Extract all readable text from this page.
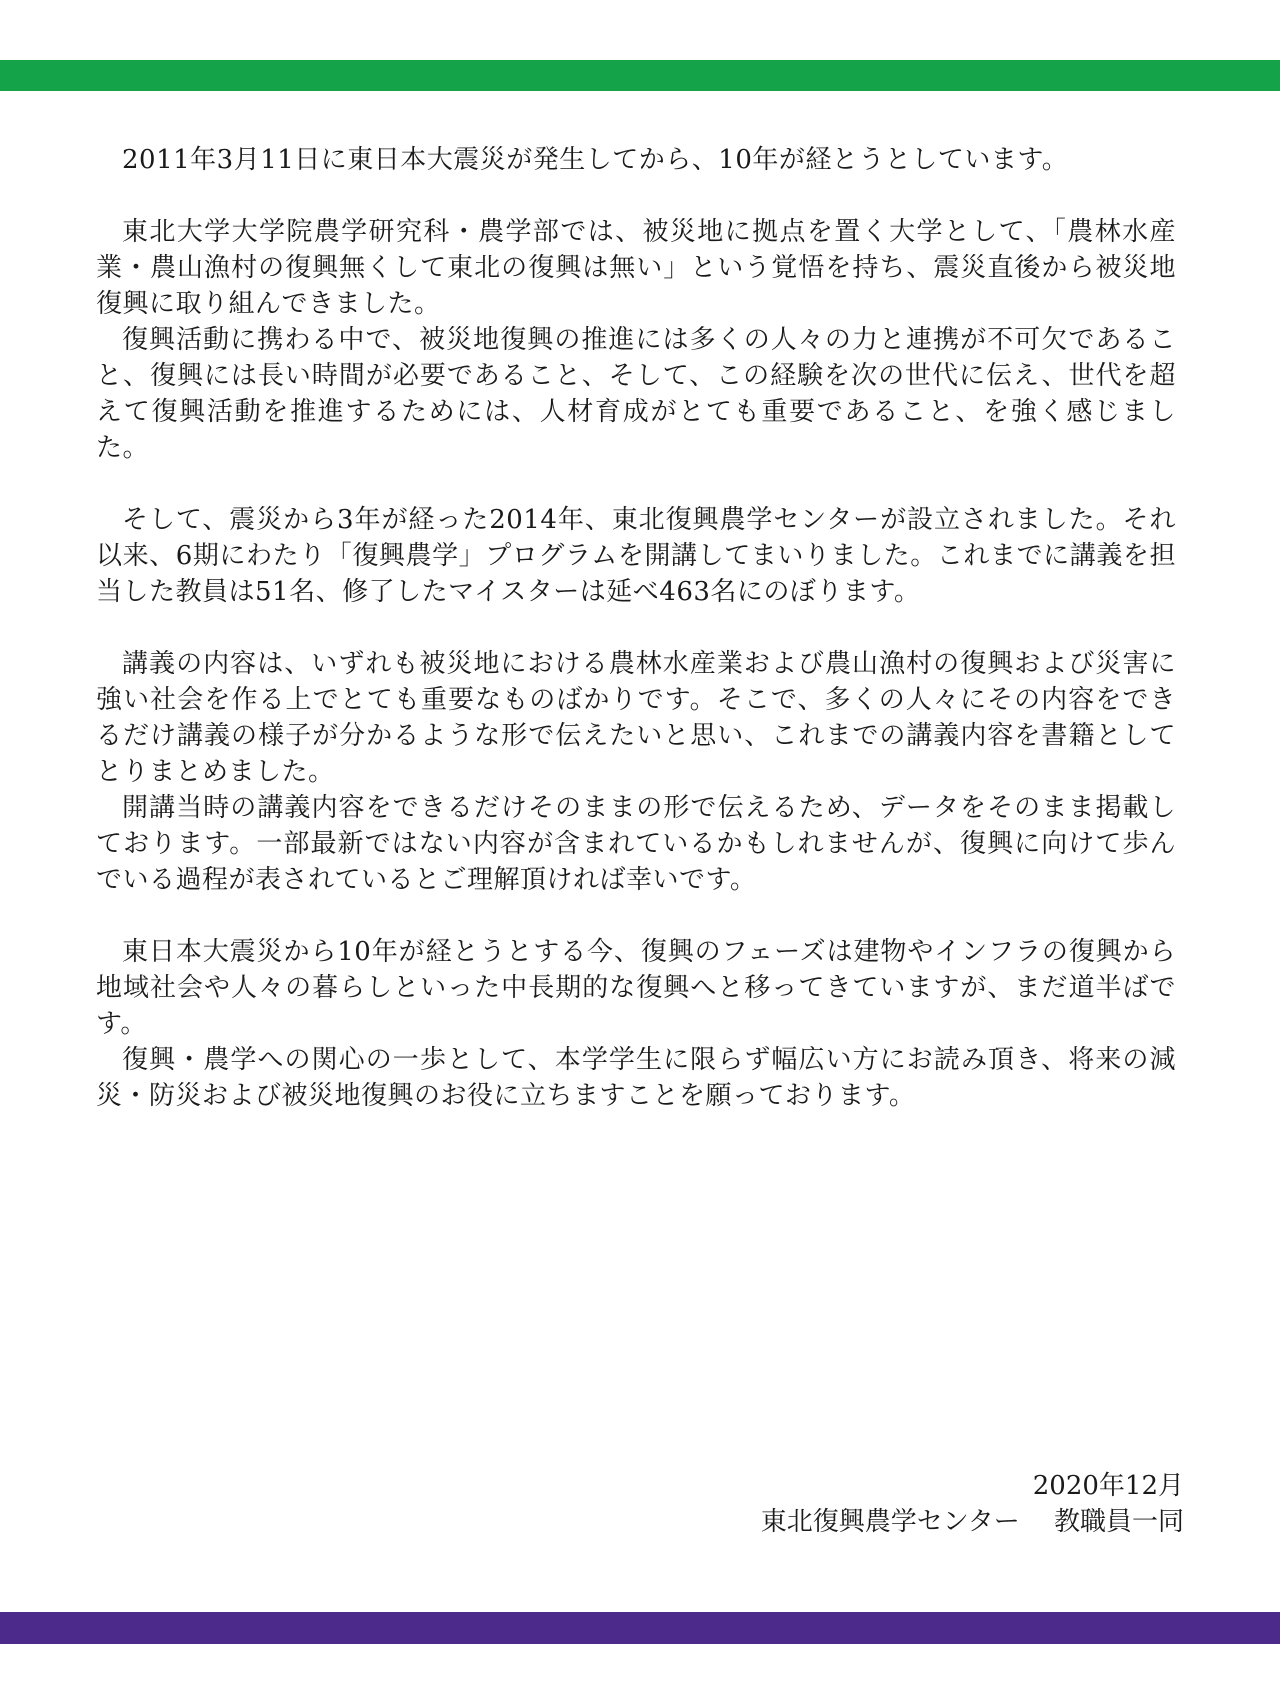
2011年3月11日に東日本大震災が発生してから、10年が経とうとしています。

東北大学大学院農学研究科・農学部では、被災地に拠点を置く大学として、「農林水産業・農山漁村の復興無くして東北の復興は無い」という覚悟を持ち、震災直後から被災地復興に取り組んできました。

復興活動に携わる中で、被災地復興の推進には多くの人々の力と連携が不可欠であること、復興には長い時間が必要であること、そして、この経験を次の世代に伝え、世代を超えて復興活動を推進するためには、人材育成がとても重要であること、を強く感じました。

そして、震災から3年が経った2014年、東北復興農学センターが設立されました。それ以来、6期にわたり「復興農学」プログラムを開講してまいりました。これまでに講義を担当した教員は51名、修了したマイスターは延べ463名にのぼります。

講義の内容は、いずれも被災地における農林水産業および農山漁村の復興および災害に強い社会を作る上でとても重要なものばかりです。そこで、多くの人々にその内容をできるだけ講義の様子が分かるような形で伝えたいと思い、これまでの講義内容を書籍としてとりまとめました。

開講当時の講義内容をできるだけそのままの形で伝えるため、データをそのまま掲載しております。一部最新ではない内容が含まれているかもしれませんが、復興に向けて歩んでいる過程が表されているとご理解頂ければ幸いです。

東日本大震災から10年が経とうとする今、復興のフェーズは建物やインフラの復興から地域社会や人々の暮らしといった中長期的な復興へと移ってきていますが、まだ道半ばです。

復興・農学への関心の一歩として、本学学生に限らず幅広い方にお読み頂き、将来の減災・防災および被災地復興のお役に立ちますことを願っております。

2020年12月
東北復興農学センター　 教職員一同
